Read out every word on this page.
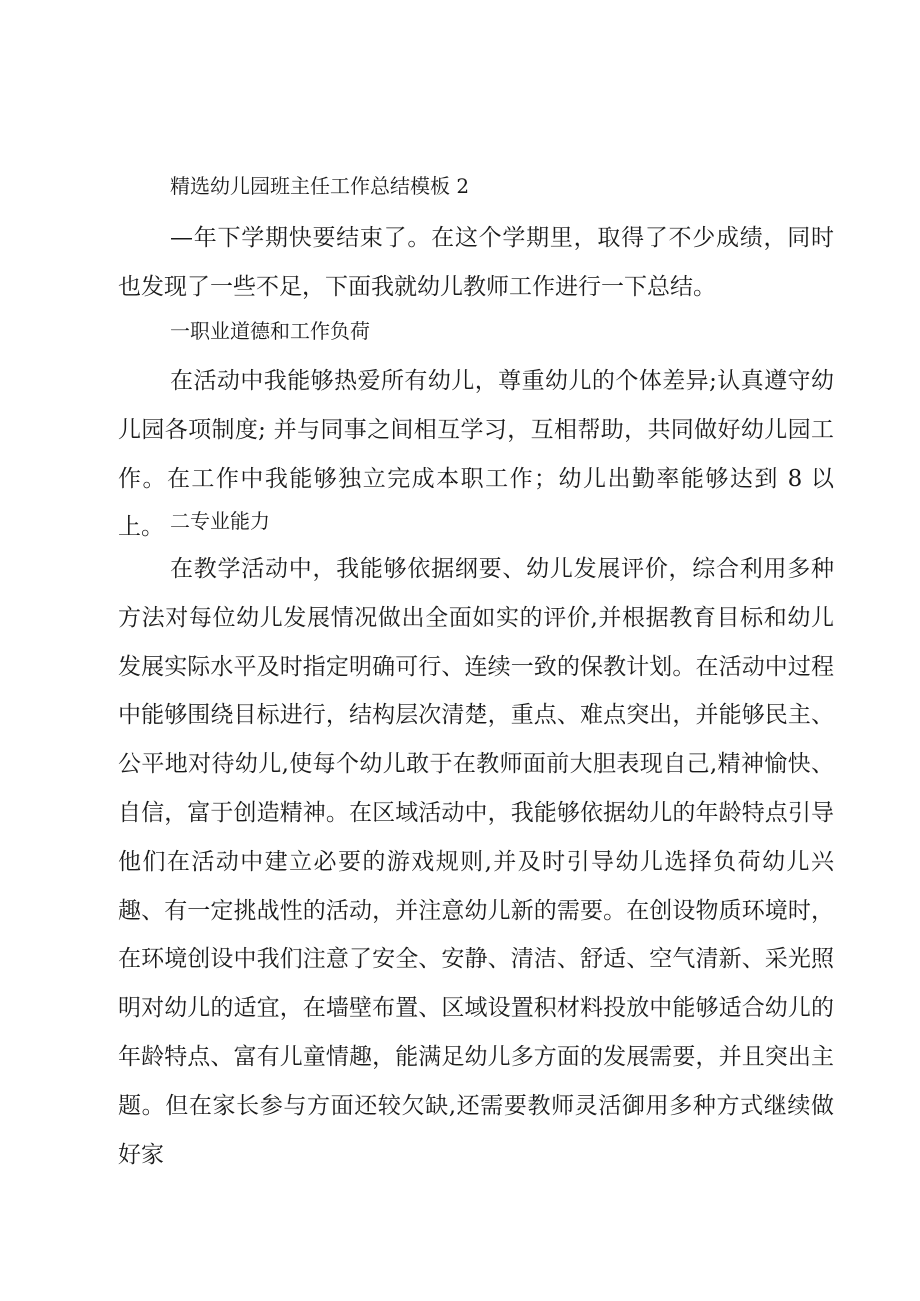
精选幼儿园班主任工作总结模板 2

—年下学期快要结束了。在这个学期里，取得了不少成绩，同时也发现了一些不足，下面我就幼儿教师工作进行一下总结。

一职业道德和工作负荷

在活动中我能够热爱所有幼儿，尊重幼儿的个体差异;认真遵守幼儿园各项制度; 并与同事之间相互学习，互相帮助，共同做好幼儿园工作。在工作中我能够独立完成本职工作；幼儿出勤率能够达到 8 以上。 二专业能力

在教学活动中，我能够依据纲要、幼儿发展评价，综合利用多种方法对每位幼儿发展情况做出全面如实的评价,并根据教育目标和幼儿发展实际水平及时指定明确可行、连续一致的保教计划。在活动中过程中能够围绕目标进行，结构层次清楚，重点、难点突出，并能够民主、公平地对待幼儿,使每个幼儿敢于在教师面前大胆表现自己,精神愉快、自信，富于创造精神。在区域活动中，我能够依据幼儿的年龄特点引导他们在活动中建立必要的游戏规则,并及时引导幼儿选择负荷幼儿兴趣、有一定挑战性的活动，并注意幼儿新的需要。在创设物质环境时，在环境创设中我们注意了安全、安静、清洁、舒适、空气清新、采光照明对幼儿的适宜，在墙壁布置、区域设置积材料投放中能够适合幼儿的年龄特点、富有儿童情趣，能满足幼儿多方面的发展需要，并且突出主题。但在家长参与方面还较欠缺,还需要教师灵活御用多种方式继续做好家
